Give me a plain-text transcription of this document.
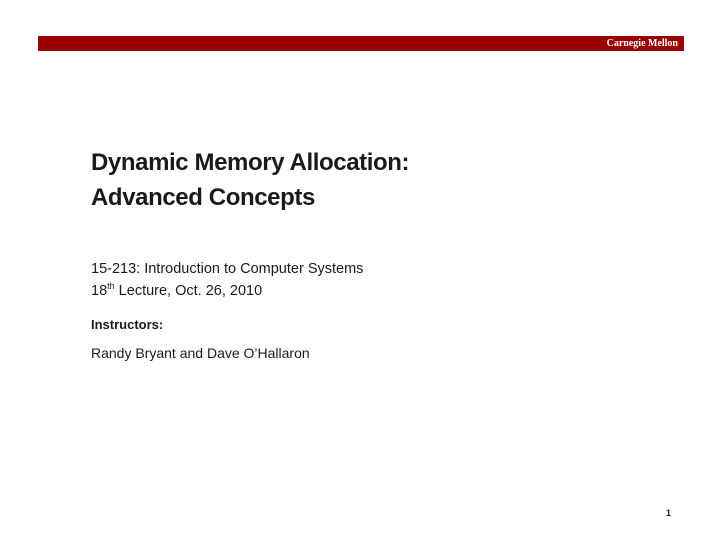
Carnegie Mellon
Dynamic Memory Allocation:
Advanced Concepts
15-213: Introduction to Computer Systems
18th Lecture, Oct. 26, 2010
Instructors:
Randy Bryant and Dave O’Hallaron
1
